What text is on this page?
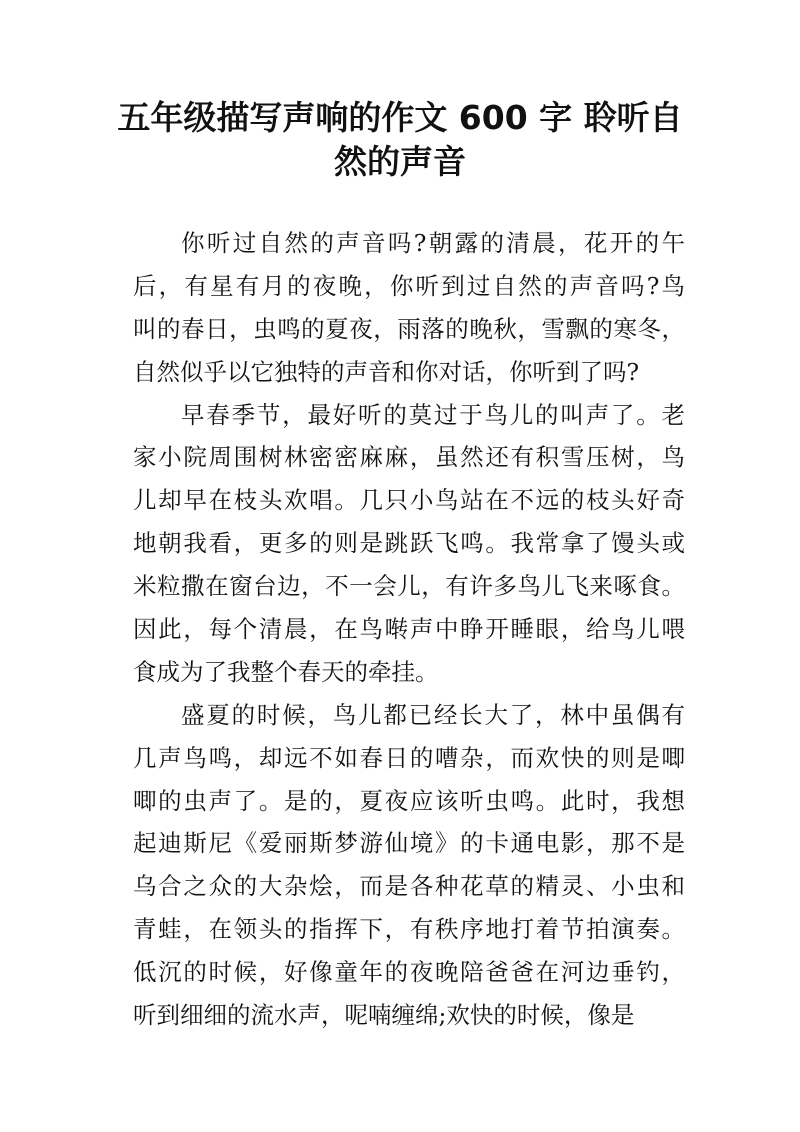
五年级描写声响的作文 600 字 聆听自
然的声音
你听过自然的声音吗?朝露的清晨，花开的午
后，有星有月的夜晚，你听到过自然的声音吗?鸟
叫的春日，虫鸣的夏夜，雨落的晚秋，雪飘的寒冬，
自然似乎以它独特的声音和你对话，你听到了吗?
早春季节，最好听的莫过于鸟儿的叫声了。老
家小院周围树林密密麻麻，虽然还有积雪压树，鸟
儿却早在枝头欢唱。几只小鸟站在不远的枝头好奇
地朝我看，更多的则是跳跃飞鸣。我常拿了馒头或
米粒撒在窗台边，不一会儿，有许多鸟儿飞来啄食。
因此，每个清晨，在鸟啭声中睁开睡眼，给鸟儿喂
食成为了我整个春天的牵挂。
盛夏的时候，鸟儿都已经长大了，林中虽偶有
几声鸟鸣，却远不如春日的嘈杂，而欢快的则是唧
唧的虫声了。是的，夏夜应该听虫鸣。此时，我想
起迪斯尼《爱丽斯梦游仙境》的卡通电影，那不是
乌合之众的大杂烩，而是各种花草的精灵、小虫和
青蛙，在领头的指挥下，有秩序地打着节拍演奏。
低沉的时候，好像童年的夜晚陪爸爸在河边垂钓，
听到细细的流水声，呢喃缠绵;欢快的时候，像是
